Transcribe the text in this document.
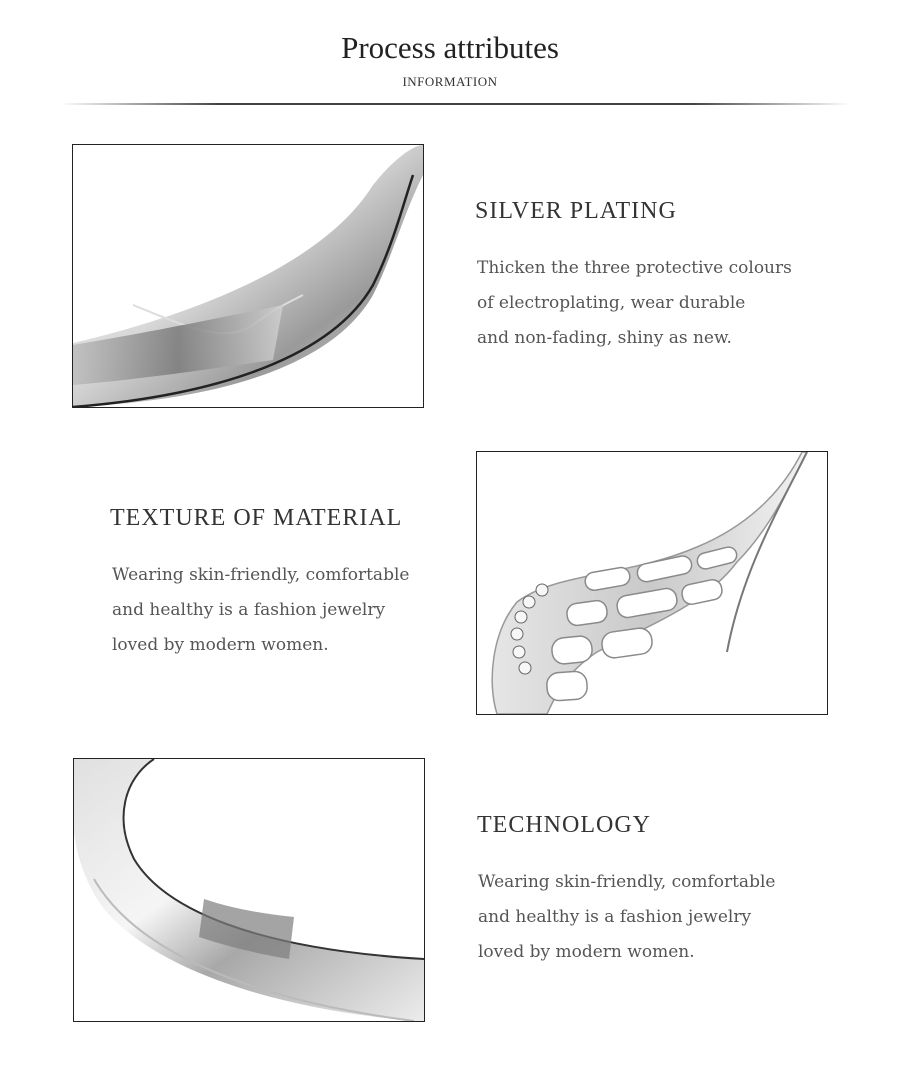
Process attributes
INFORMATION
SILVER PLATING
Thicken the three protective colours
of electroplating, wear durable
and non-fading, shiny as new.
TEXTURE OF MATERIAL
Wearing skin-friendly, comfortable
and healthy is a fashion jewelry
loved by modern women.
TECHNOLOGY
Wearing skin-friendly, comfortable
and healthy is a fashion jewelry
loved by modern women.
